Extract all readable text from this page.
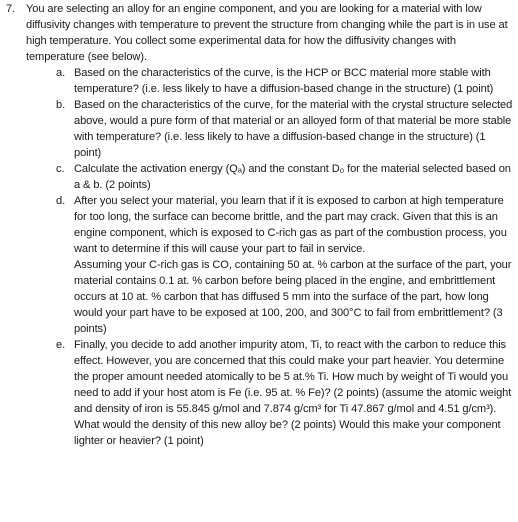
7. You are selecting an alloy for an engine component, and you are looking for a material with low diffusivity changes with temperature to prevent the structure from changing while the part is in use at high temperature. You collect some experimental data for how the diffusivity changes with temperature (see below).

a. Based on the characteristics of the curve, is the HCP or BCC material more stable with temperature? (i.e. less likely to have a diffusion-based change in the structure) (1 point)

b. Based on the characteristics of the curve, for the material with the crystal structure selected above, would a pure form of that material or an alloyed form of that material be more stable with temperature? (i.e. less likely to have a diffusion-based change in the structure) (1 point)

c. Calculate the activation energy (Qₐ) and the constant D₀ for the material selected based on a & b. (2 points)

d. After you select your material, you learn that if it is exposed to carbon at high temperature for too long, the surface can become brittle, and the part may crack. Given that this is an engine component, which is exposed to C-rich gas as part of the combustion process, you want to determine if this will cause your part to fail in service.

Assuming your C-rich gas is CO, containing 50 at. % carbon at the surface of the part, your material contains 0.1 at. % carbon before being placed in the engine, and embrittlement occurs at 10 at. % carbon that has diffused 5 mm into the surface of the part, how long would your part have to be exposed at 100, 200, and 300°C to fail from embrittlement? (3 points)

e. Finally, you decide to add another impurity atom, Ti, to react with the carbon to reduce this effect. However, you are concerned that this could make your part heavier. You determine the proper amount needed atomically to be 5 at.% Ti. How much by weight of Ti would you need to add if your host atom is Fe (i.e. 95 at. % Fe)? (2 points) (assume the atomic weight and density of iron is 55.845 g/mol and 7.874 g/cm³ for Ti 47.867 g/mol and 4.51 g/cm³). What would the density of this new alloy be? (2 points) Would this make your component lighter or heavier? (1 point)
